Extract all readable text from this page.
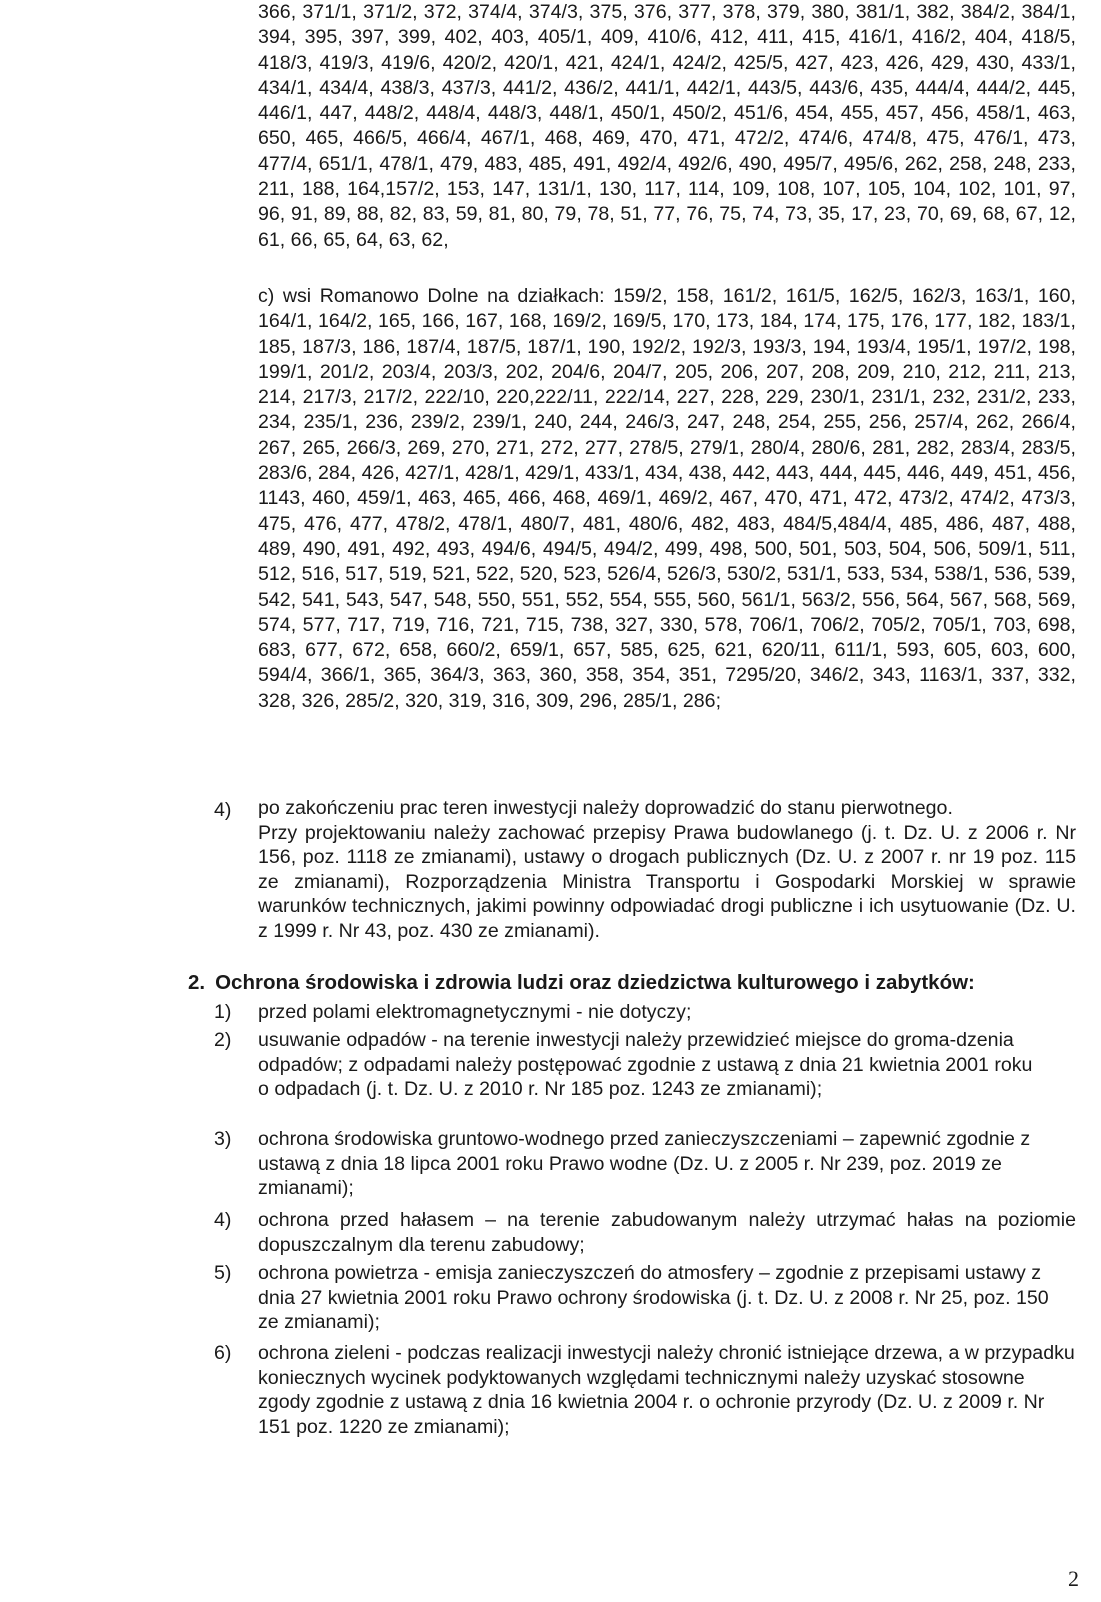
366, 371/1, 371/2, 372, 374/4, 374/3, 375, 376, 377, 378, 379, 380, 381/1, 382, 384/2, 384/1, 394, 395, 397, 399, 402, 403, 405/1, 409, 410/6, 412, 411, 415, 416/1, 416/2, 404, 418/5, 418/3, 419/3, 419/6, 420/2, 420/1, 421, 424/1, 424/2, 425/5, 427, 423, 426, 429, 430, 433/1, 434/1, 434/4, 438/3, 437/3, 441/2, 436/2, 441/1, 442/1, 443/5, 443/6, 435, 444/4, 444/2, 445, 446/1, 447, 448/2, 448/4, 448/3, 448/1, 450/1, 450/2, 451/6, 454, 455, 457, 456, 458/1, 463, 650, 465, 466/5, 466/4, 467/1, 468, 469, 470, 471, 472/2, 474/6, 474/8, 475, 476/1, 473, 477/4, 651/1, 478/1, 479, 483, 485, 491, 492/4, 492/6, 490, 495/7, 495/6, 262, 258, 248, 233, 211, 188, 164,157/2, 153, 147, 131/1, 130, 117, 114, 109, 108, 107, 105, 104, 102, 101, 97, 96, 91, 89, 88, 82, 83, 59, 81, 80, 79, 78, 51, 77, 76, 75, 74, 73, 35, 17, 23, 70, 69, 68, 67, 12, 61, 66, 65, 64, 63, 62,

c) wsi Romanowo Dolne na działkach: 159/2, 158, 161/2, 161/5, 162/5, 162/3, 163/1, 160, 164/1, 164/2, 165, 166, 167, 168, 169/2, 169/5, 170, 173, 184, 174, 175, 176, 177, 182, 183/1, 185, 187/3, 186, 187/4, 187/5, 187/1, 190, 192/2, 192/3, 193/3, 194, 193/4, 195/1, 197/2, 198, 199/1, 201/2, 203/4, 203/3, 202, 204/6, 204/7, 205, 206, 207, 208, 209, 210, 212, 211, 213, 214, 217/3, 217/2, 222/10, 220,222/11, 222/14, 227, 228, 229, 230/1, 231/1, 232, 231/2, 233, 234, 235/1, 236, 239/2, 239/1, 240, 244, 246/3, 247, 248, 254, 255, 256, 257/4, 262, 266/4, 267, 265, 266/3, 269, 270, 271, 272, 277, 278/5, 279/1, 280/4, 280/6, 281, 282, 283/4, 283/5, 283/6, 284, 426, 427/1, 428/1, 429/1, 433/1, 434, 438, 442, 443, 444, 445, 446, 449, 451, 456, 1143, 460, 459/1, 463, 465, 466, 468, 469/1, 469/2, 467, 470, 471, 472, 473/2, 474/2, 473/3, 475, 476, 477, 478/2, 478/1, 480/7, 481, 480/6, 482, 483, 484/5,484/4, 485, 486, 487, 488, 489, 490, 491, 492, 493, 494/6, 494/5, 494/2, 499, 498, 500, 501, 503, 504, 506, 509/1, 511, 512, 516, 517, 519, 521, 522, 520, 523, 526/4, 526/3, 530/2, 531/1, 533, 534, 538/1, 536, 539, 542, 541, 543, 547, 548, 550, 551, 552, 554, 555, 560, 561/1, 563/2, 556, 564, 567, 568, 569, 574, 577, 717, 719, 716, 721, 715, 738, 327, 330, 578, 706/1, 706/2, 705/2, 705/1, 703, 698, 683, 677, 672, 658, 660/2, 659/1, 657, 585, 625, 621, 620/11, 611/1, 593, 605, 603, 600, 594/4, 366/1, 365, 364/3, 363, 360, 358, 354, 351, 7295/20, 346/2, 343, 1163/1, 337, 332, 328, 326, 285/2, 320, 319, 316, 309, 296, 285/1, 286;

4)	po zakończeniu prac teren inwestycji należy doprowadzić do stanu pierwotnego.

Przy projektowaniu należy zachować przepisy Prawa budowlanego (j. t. Dz. U. z 2006 r. Nr 156, poz. 1118 ze zmianami), ustawy o drogach publicznych (Dz. U. z 2007 r. nr 19 poz. 115 ze zmianami), Rozporządzenia Ministra Transportu i Gospodarki Morskiej w sprawie warunków technicznych, jakimi powinny odpowiadać drogi publiczne i ich usytuowanie (Dz. U. z 1999 r. Nr 43, poz. 430 ze zmianami).

2. Ochrona środowiska i zdrowia ludzi oraz dziedzictwa kulturowego i zabytków:
1)	przed polami elektromagnetycznymi - nie dotyczy;
2)	usuwanie odpadów - na terenie inwestycji należy przewidzieć miejsce do groma-dzenia odpadów; z odpadami należy postępować zgodnie z ustawą z dnia 21 kwietnia 2001 roku o odpadach (j. t. Dz. U. z 2010 r. Nr 185 poz. 1243 ze zmianami);
3)	ochrona środowiska gruntowo-wodnego przed zanieczyszczeniami – zapewnić zgodnie z ustawą z dnia 18 lipca 2001 roku Prawo wodne (Dz. U. z 2005 r. Nr 239, poz. 2019 ze zmianami);
4)	ochrona przed hałasem – na terenie zabudowanym należy utrzymać hałas na poziomie dopuszczalnym dla terenu zabudowy;
5)	ochrona powietrza - emisja zanieczyszczeń do atmosfery – zgodnie z przepisami ustawy z dnia 27 kwietnia 2001 roku Prawo ochrony środowiska (j. t. Dz. U. z 2008 r. Nr 25, poz. 150 ze zmianami);
6)	ochrona zieleni - podczas realizacji inwestycji należy chronić istniejące drzewa, a w przypadku koniecznych wycinek podyktowanych względami technicznymi należy uzyskać stosowne zgody zgodnie z ustawą z dnia 16 kwietnia 2004 r. o ochronie przyrody (Dz. U. z 2009 r. Nr 151 poz. 1220 ze zmianami);
2
